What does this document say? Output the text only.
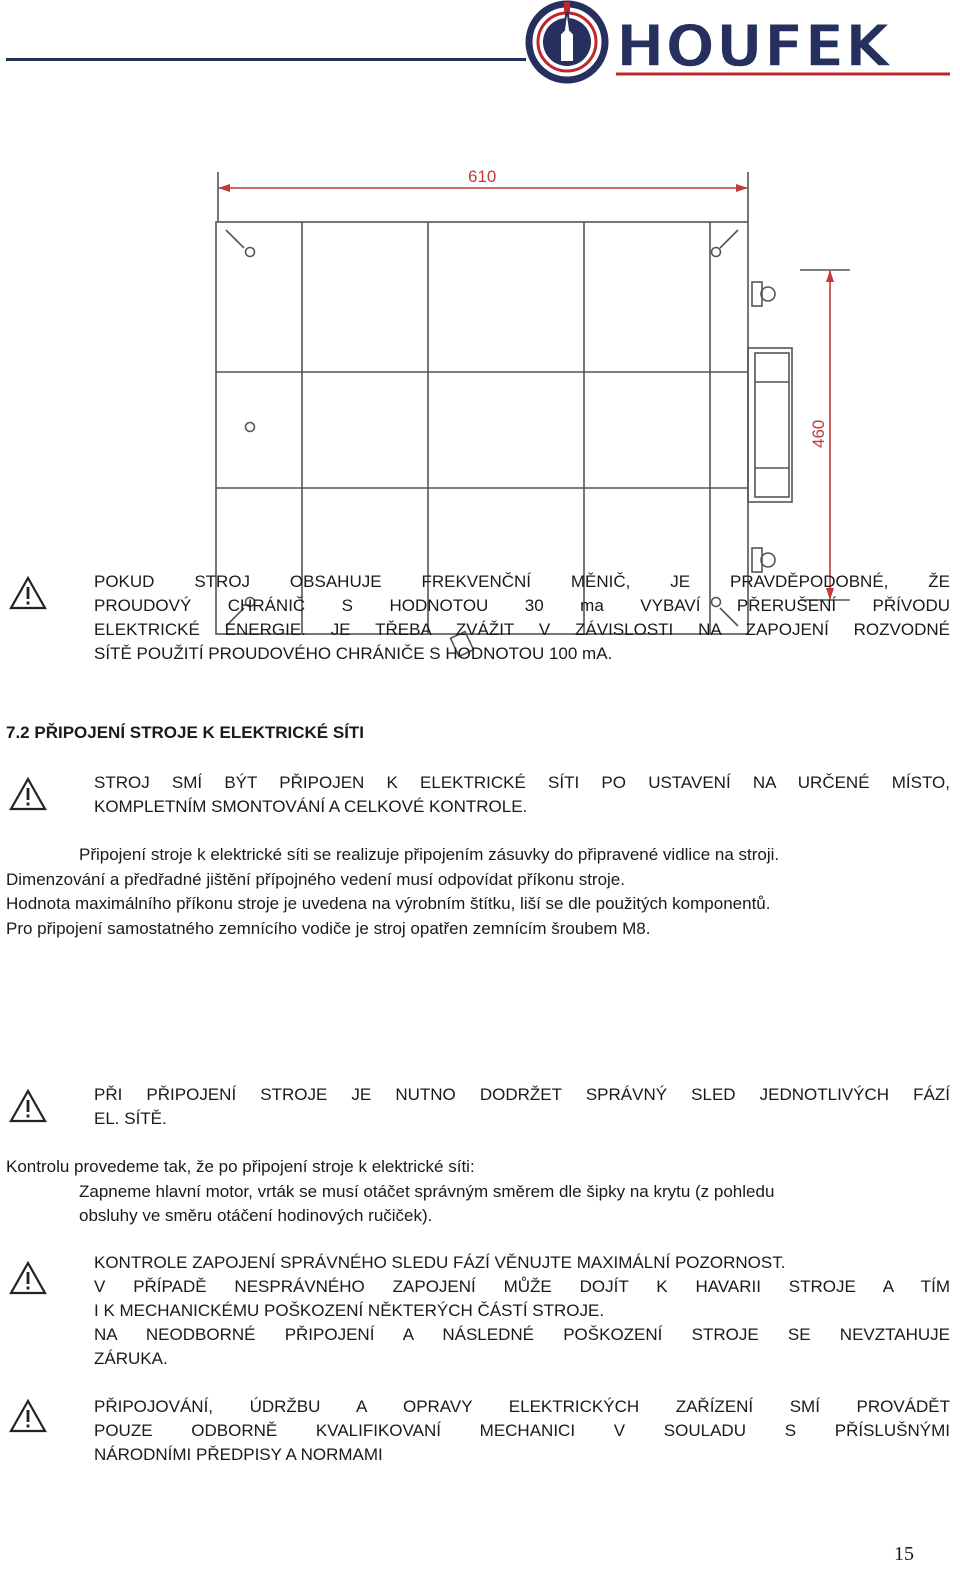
HOUFEK
610
460
7.2 PŘIPOJENÍ STROJE K ELEKTRICKÉ SÍTI

STROJ SMÍ BÝT PŘIPOJEN K ELEKTRICKÉ SÍTI PO USTAVENÍ NA URČENÉ MÍSTO,
KOMPLETNÍM SMONTOVÁNÍ A CELKOVÉ KONTROLE.

Připojení stroje k elektrické síti se realizuje připojením zásuvky do připravené vidlice na stroji.
Dimenzování a předřadné jištění přípojného vedení musí odpovídat příkonu stroje.
Hodnota maximálního příkonu stroje je uvedena na výrobním štítku, liší se dle použitých komponentů.
Pro připojení samostatného zemnícího vodiče je stroj opatřen zemnícím šroubem M8.

POKUD STROJ OBSAHUJE FREKVENČNÍ MĚNIČ, JE PRAVDĚPODOBNÉ, ŽE
PROUDOVÝ CHRÁNIČ S HODNOTOU 30 ma VYBAVÍ PŘERUŠENÍ PŘÍVODU
ELEKTRICKÉ ENERGIE. JE TŘEBA ZVÁŽIT V ZÁVISLOSTI NA ZAPOJENÍ ROZVODNÉ
SÍTĚ POUŽITÍ PROUDOVÉHO CHRÁNIČE S HODNOTOU 100 mA.

PŘI PŘIPOJENÍ STROJE JE NUTNO DODRŽET SPRÁVNÝ SLED JEDNOTLIVÝCH FÁZÍ
EL. SÍTĚ.

Kontrolu provedeme tak, že po připojení stroje k elektrické síti:
Zapneme hlavní motor, vrták se musí otáčet správným směrem dle šipky na krytu (z pohledu
obsluhy ve směru otáčení hodinových ručiček).

KONTROLE ZAPOJENÍ SPRÁVNÉHO SLEDU FÁZÍ VĚNUJTE MAXIMÁLNÍ POZORNOST.
V PŘÍPADĚ NESPRÁVNÉHO ZAPOJENÍ MŮŽE DOJÍT K HAVARII STROJE A TÍM
I K MECHANICKÉMU POŠKOZENÍ NĚKTERÝCH ČÁSTÍ STROJE.
NA NEODBORNÉ PŘIPOJENÍ A NÁSLEDNÉ POŠKOZENÍ STROJE SE NEVZTAHUJE
ZÁRUKA.

PŘIPOJOVÁNÍ, ÚDRŽBU A OPRAVY ELEKTRICKÝCH ZAŘÍZENÍ SMÍ PROVÁDĚT
POUZE ODBORNĚ KVALIFIKOVANÍ MECHANICI V SOULADU S PŘÍSLUŠNÝMI
NÁRODNÍMI PŘEDPISY A NORMAMI

15
